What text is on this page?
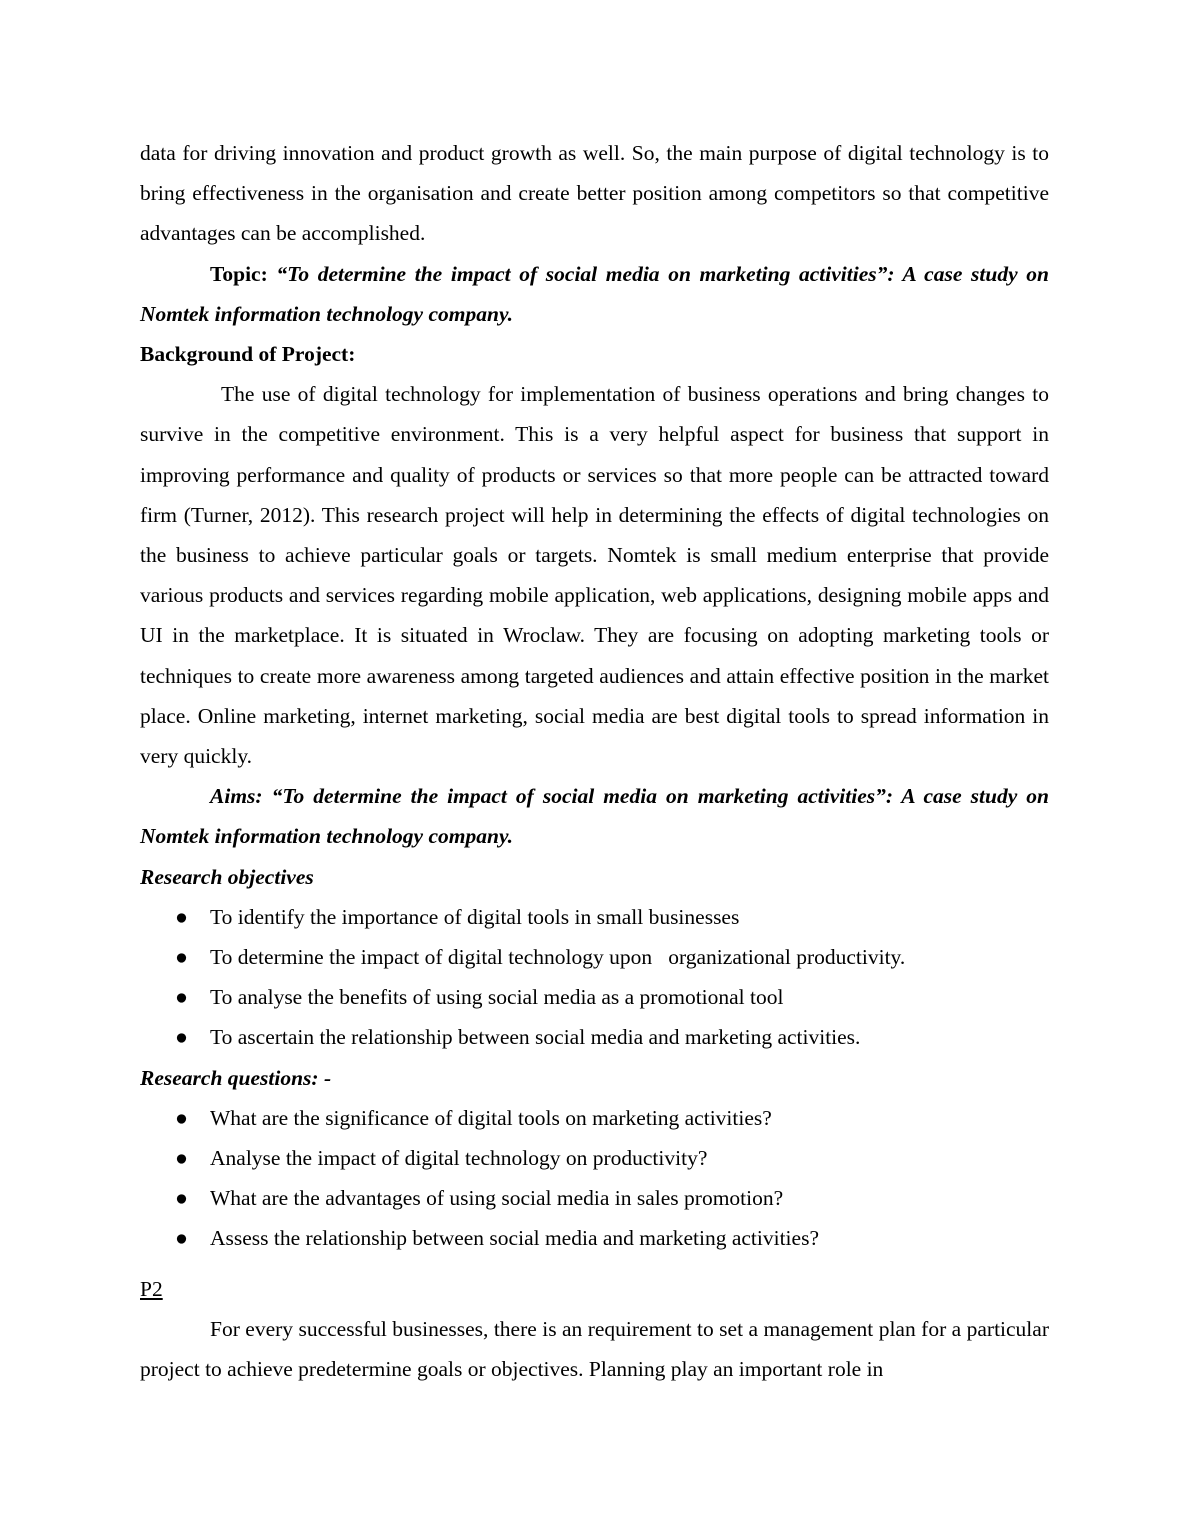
data for driving innovation and product growth as well. So, the main purpose of digital technology is to bring effectiveness in the organisation and create better position among competitors so that competitive advantages can be accomplished.

Topic: “To determine the impact of social media on marketing activities”: A case study on Nomtek information technology company.

Background of Project:

The use of digital technology for implementation of business operations and bring changes to survive in the competitive environment. This is a very helpful aspect for business that support in improving performance and quality of products or services so that more people can be attracted toward firm (Turner, 2012). This research project will help in determining the effects of digital technologies on the business to achieve particular goals or targets. Nomtek is small medium enterprise that provide various products and services regarding mobile application, web applications, designing mobile apps and UI in the marketplace. It is situated in Wroclaw. They are focusing on adopting marketing tools or techniques to create more awareness among targeted audiences and attain effective position in the market place. Online marketing, internet marketing, social media are best digital tools to spread information in very quickly.

Aims: “To determine the impact of social media on marketing activities”: A case study on Nomtek information technology company.

Research objectives

●	To identify the importance of digital tools in small businesses
●	To determine the impact of digital technology upon   organizational productivity.
●	To analyse the benefits of using social media as a promotional tool
●	To ascertain the relationship between social media and marketing activities.

Research questions: -

●	What are the significance of digital tools on marketing activities?
●	Analyse the impact of digital technology on productivity?
●	What are the advantages of using social media in sales promotion?
●	Assess the relationship between social media and marketing activities?

P2

For every successful businesses, there is an requirement to set a management plan for a particular project to achieve predetermine goals or objectives. Planning play an important role in
